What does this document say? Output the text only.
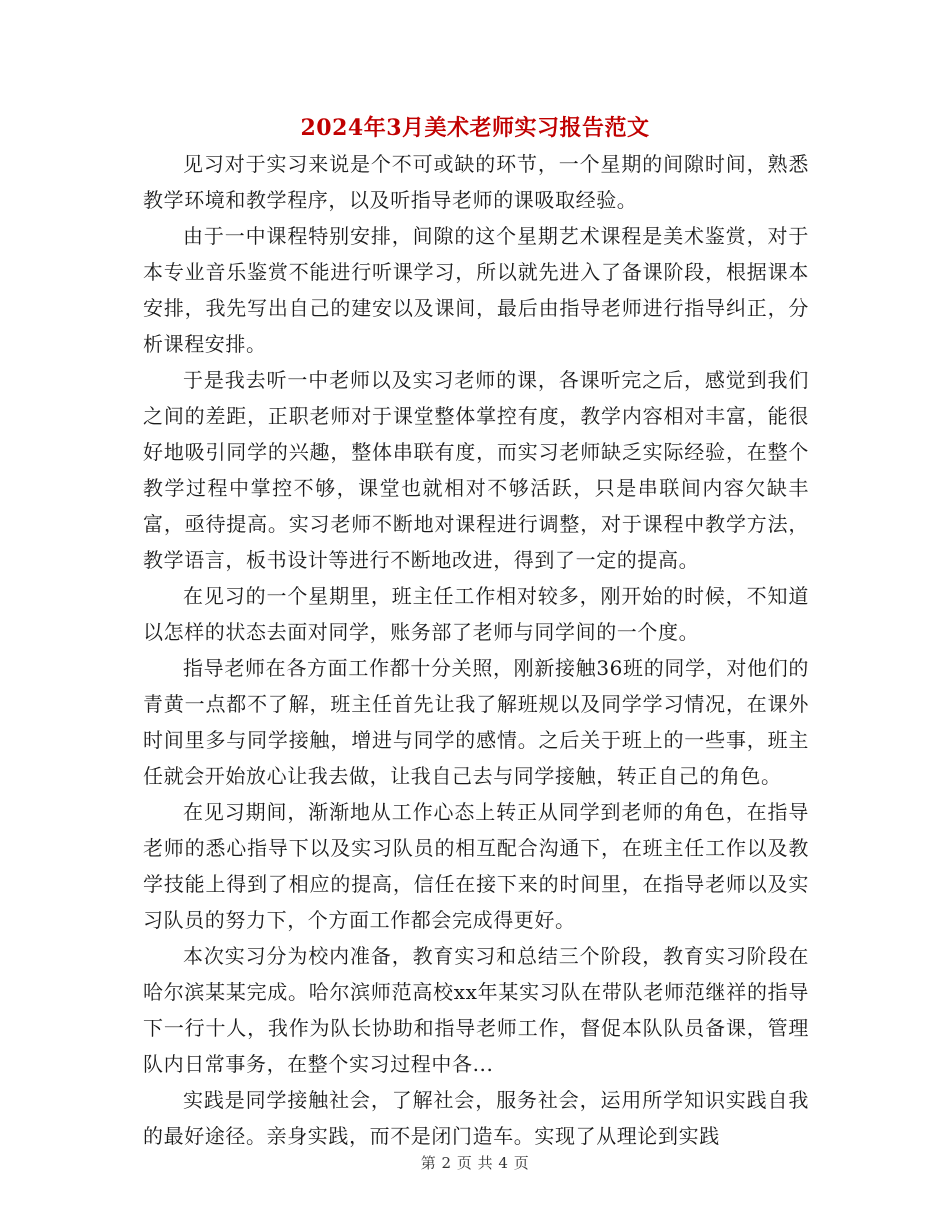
2024年3月美术老师实习报告范文

见习对于实习来说是个不可或缺的环节，一个星期的间隙时间，熟悉教学环境和教学程序，以及听指导老师的课吸取经验。

由于一中课程特别安排，间隙的这个星期艺术课程是美术鉴赏，对于本专业音乐鉴赏不能进行听课学习，所以就先进入了备课阶段，根据课本安排，我先写出自己的建安以及课间，最后由指导老师进行指导纠正，分析课程安排。

于是我去听一中老师以及实习老师的课，各课听完之后，感觉到我们之间的差距，正职老师对于课堂整体掌控有度，教学内容相对丰富，能很好地吸引同学的兴趣，整体串联有度，而实习老师缺乏实际经验，在整个教学过程中掌控不够，课堂也就相对不够活跃，只是串联间内容欠缺丰富，亟待提高。实习老师不断地对课程进行调整，对于课程中教学方法，教学语言，板书设计等进行不断地改进，得到了一定的提高。

在见习的一个星期里，班主任工作相对较多，刚开始的时候，不知道以怎样的状态去面对同学，账务部了老师与同学间的一个度。

指导老师在各方面工作都十分关照，刚新接触36班的同学，对他们的青黄一点都不了解，班主任首先让我了解班规以及同学学习情况，在课外时间里多与同学接触，增进与同学的感情。之后关于班上的一些事，班主任就会开始放心让我去做，让我自己去与同学接触，转正自己的角色。

在见习期间，渐渐地从工作心态上转正从同学到老师的角色，在指导老师的悉心指导下以及实习队员的相互配合沟通下，在班主任工作以及教学技能上得到了相应的提高，信任在接下来的时间里，在指导老师以及实习队员的努力下，个方面工作都会完成得更好。

本次实习分为校内准备，教育实习和总结三个阶段，教育实习阶段在哈尔滨某某完成。哈尔滨师范高校xx年某实习队在带队老师范继祥的指导下一行十人，我作为队长协助和指导老师工作，督促本队队员备课，管理队内日常事务，在整个实习过程中各...

实践是同学接触社会，了解社会，服务社会，运用所学知识实践自我的最好途径。亲身实践，而不是闭门造车。实现了从理论到实践

第 2 页 共 4 页
